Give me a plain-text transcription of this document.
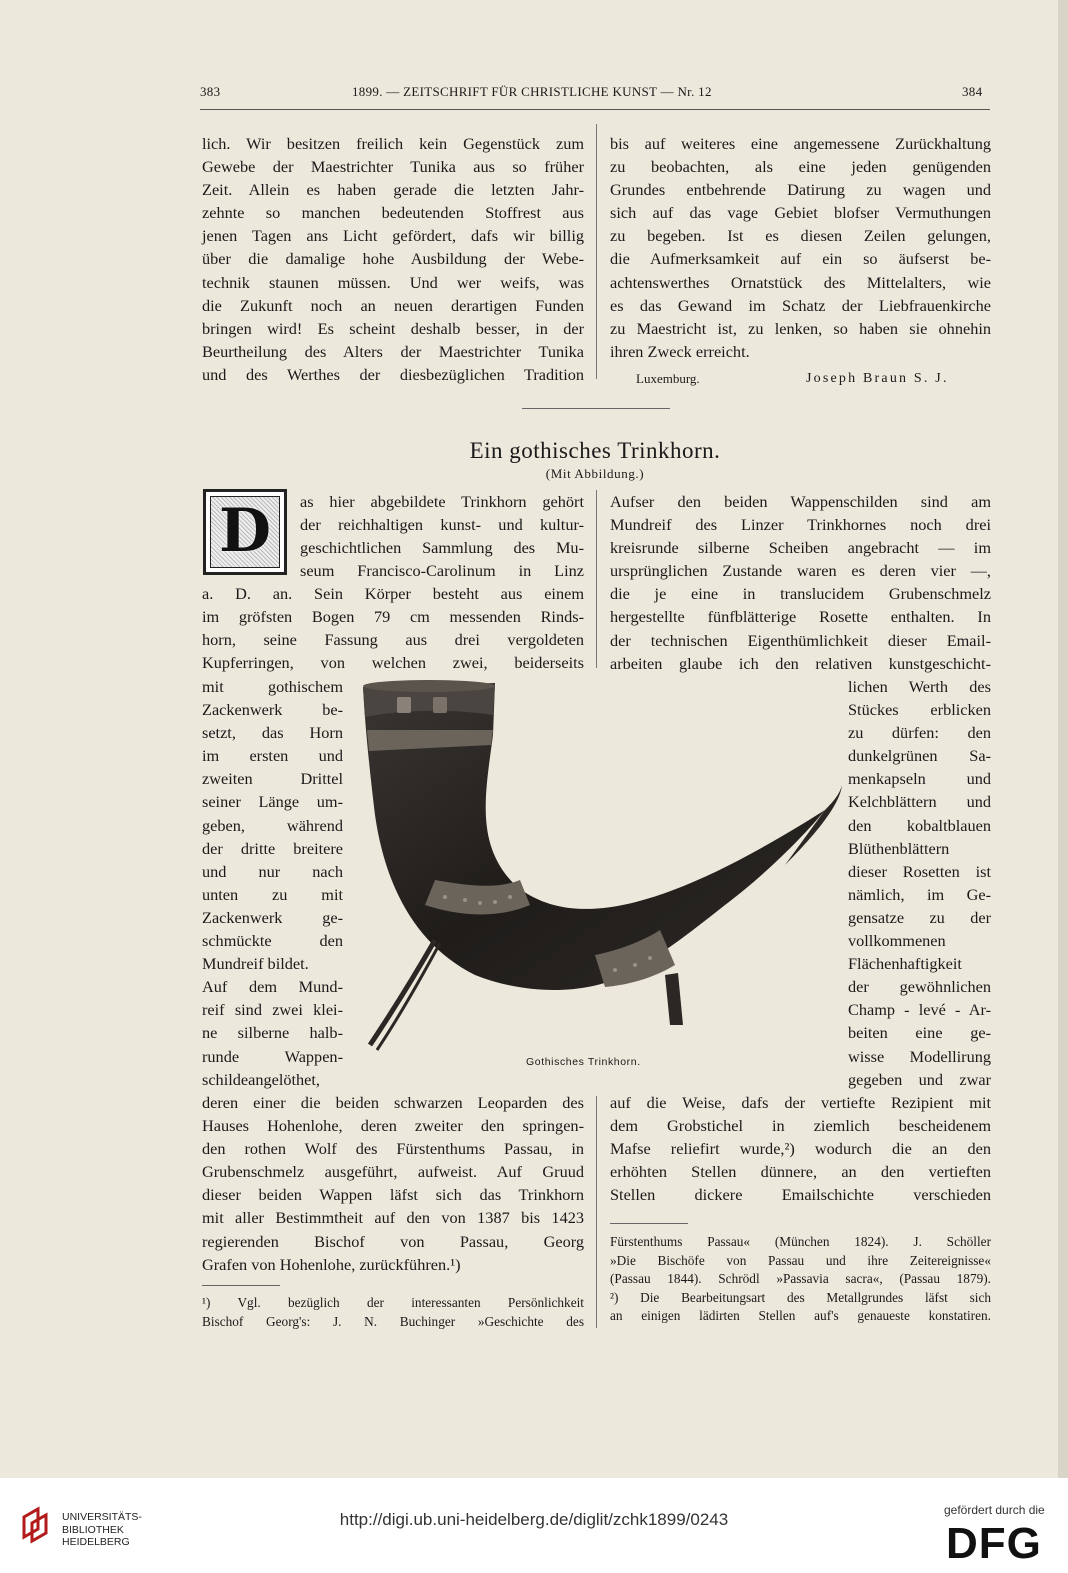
383	1899. — ZEITSCHRIFT FÜR CHRISTLICHE KUNST — Nr. 12	384
lich. Wir besitzen freilich kein Gegenstück zum
Gewebe der Maestrichter Tunika aus so früher
Zeit. Allein es haben gerade die letzten Jahr-
zehnte so manchen bedeutenden Stoffrest aus
jenen Tagen ans Licht gefördert, dafs wir billig
über die damalige hohe Ausbildung der Webe-
technik staunen müssen. Und wer weifs, was
die Zukunft noch an neuen derartigen Funden
bringen wird! Es scheint deshalb besser, in der
Beurtheilung des Alters der Maestrichter Tunika
und des Werthes der diesbezüglichen Tradition
bis auf weiteres eine angemessene Zurückhaltung
zu beobachten, als eine jeden genügenden
Grundes entbehrende Datirung zu wagen und
sich auf das vage Gebiet blofser Vermuthungen
zu begeben. Ist es diesen Zeilen gelungen,
die Aufmerksamkeit auf ein so äufserst be-
achtenswerthes Ornatstück des Mittelalters, wie
es das Gewand im Schatz der Liebfrauenkirche
zu Maestricht ist, zu lenken, so haben sie ohnehin
ihren Zweck erreicht.
Luxemburg.	Joseph Braun S. J.
Ein gothisches Trinkhorn.
(Mit Abbildung.)
D	as hier abgebildete Trinkhorn gehört
der reichhaltigen kunst- und kultur-
geschichtlichen Sammlung des Mu-
seum Francisco-Carolinum in Linz
a. D. an. Sein Körper besteht aus einem
im gröfsten Bogen 79 cm messenden Rinds-
horn, seine Fassung aus drei vergoldeten
Kupferringen, von welchen zwei, beiderseits
mit gothischem
Zackenwerk be-
setzt, das Horn
im ersten und
zweiten Drittel
seiner Länge um-
geben, während
der dritte breitere
und nur nach
unten zu mit
Zackenwerk ge-
schmückte den
Mundreif bildet.
Auf dem Mund-
reif sind zwei klei-
ne silberne halb-
runde Wappen-
schildeangelöthet,
deren einer die beiden schwarzen Leoparden des
Hauses Hohenlohe, deren zweiter den springen-
den rothen Wolf des Fürstenthums Passau, in
Grubenschmelz ausgeführt, aufweist. Auf Gruud
dieser beiden Wappen läfst sich das Trinkhorn
mit aller Bestimmtheit auf den von 1387 bis 1423
regierenden Bischof von Passau, Georg
Grafen von Hohenlohe, zurückführen.¹)
Aufser den beiden Wappenschilden sind am
Mundreif des Linzer Trinkhornes noch drei
kreisrunde silberne Scheiben angebracht — im
ursprünglichen Zustande waren es deren vier —,
die je eine in translucidem Grubenschmelz
hergestellte fünfblätterige Rosette enthalten. In
der technischen Eigenthümlichkeit dieser Email-
arbeiten glaube ich den relativen kunstgeschicht-
lichen Werth des
Stückes erblicken
zu dürfen: den
dunkelgrünen Sa-
menkapseln und
Kelchblättern und
den kobaltblauen
Blüthenblättern
dieser Rosetten ist
nämlich, im Ge-
gensatze zu der
vollkommenen
Flächenhaftigkeit
der gewöhnlichen
Champ - levé - Ar-
beiten eine ge-
wisse Modellirung
gegeben und zwar
auf die Weise, dafs der vertiefte Rezipient mit
dem Grobstichel in ziemlich bescheidenem
Mafse reliefirt wurde,²) wodurch die an den
erhöhten Stellen dünnere, an den vertieften
Stellen dickere Emailschichte verschieden
Gothisches Trinkhorn.
¹) Vgl. bezüglich der interessanten Persönlichkeit
Bischof Georg's: J. N. Buchinger »Geschichte des
Fürstenthums Passau« (München 1824). J. Schöller
»Die Bischöfe von Passau und ihre Zeitereignisse«
(Passau 1844). Schrödl »Passavia sacra«, (Passau 1879).
²) Die Bearbeitungsart des Metallgrundes läfst sich
an einigen lädirten Stellen auf's genaueste konstatiren.
UNIVERSITÄTS-
BIBLIOTHEK
HEIDELBERG
http://digi.ub.uni-heidelberg.de/diglit/zchk1899/0243	gefördert durch die
DFG
